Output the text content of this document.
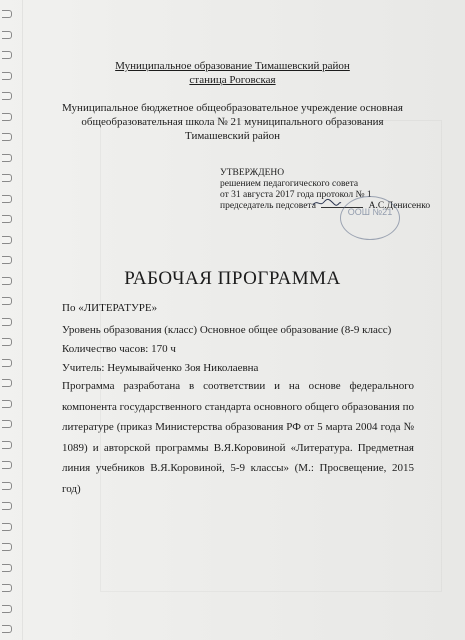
Муниципальное образование Тимашевский район
станица Роговская
Муниципальное бюджетное общеобразовательное учреждение основная
общеобразовательная школа № 21 муниципального образования
Тимашевский район
УТВЕРЖДЕНО
решением педагогического совета
от 31 августа 2017 года протокол № 1
председатель педсовета	А.С.Денисенко
ООШ №21
РАБОЧАЯ ПРОГРАММА
По «ЛИТЕРАТУРЕ»
Уровень образования (класс) Основное общее образование (8-9 класс)
Количество часов: 170 ч
Учитель: Неумывайченко Зоя Николаевна
Программа разработана в соответствии и на основе федерального компонента государственного стандарта основного общего образования по литературе (приказ Министерства образования РФ от 5 марта 2004 года № 1089) и авторской программы В.Я.Коровиной «Литература. Предметная линия учебников В.Я.Коровиной, 5-9 классы» (М.: Просвещение, 2015 год)
